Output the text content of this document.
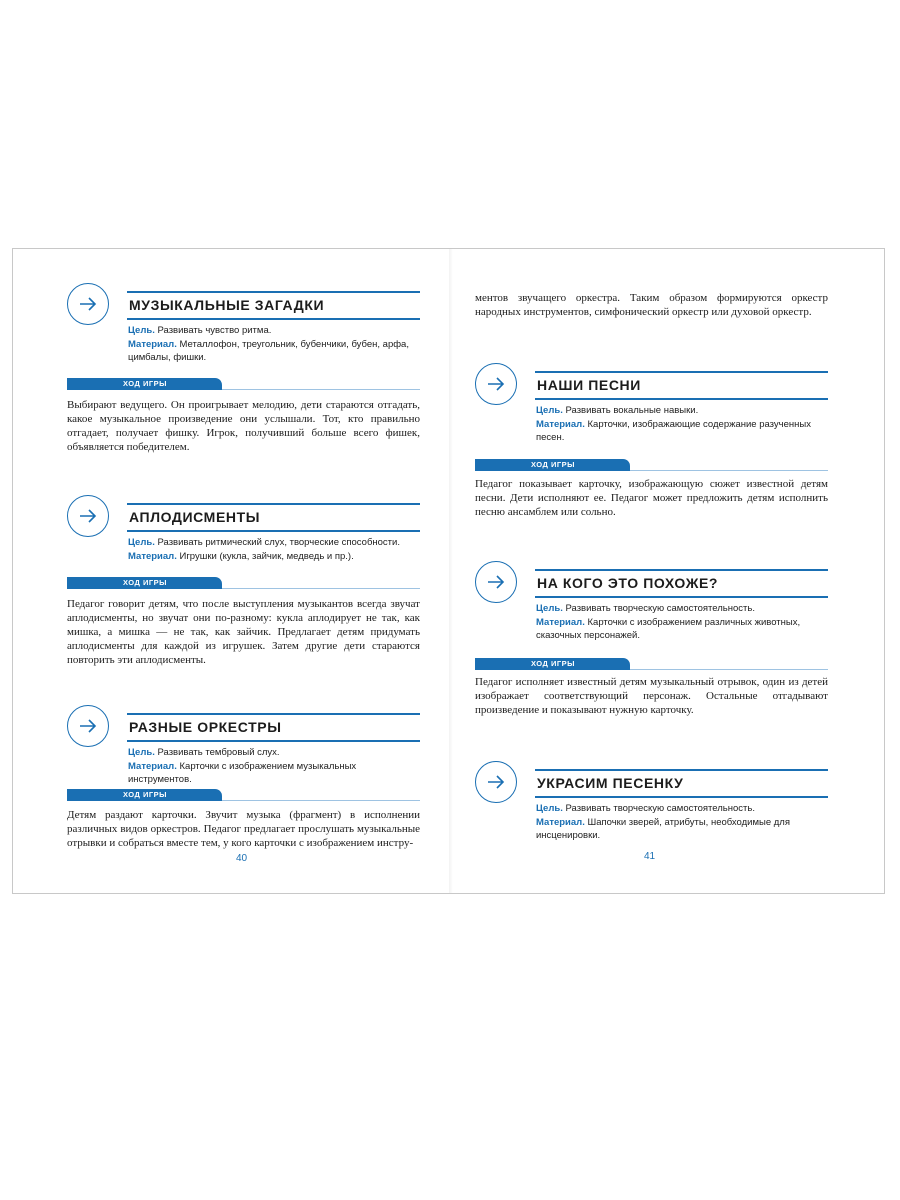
МУЗЫКАЛЬНЫЕ ЗАГАДКИ

Цель. Развивать чувство ритма.

Материал. Металлофон, треугольник, бубенчики, бубен, арфа, цимбалы, фишки.

ХОД ИГРЫ

Выбирают ведущего. Он проигрывает мелодию, дети стараются отгадать, какое музыкальное произведение они услышали. Тот, кто правильно отгадает, получает фишку. Игрок, получивший больше всего фишек, объявляется победителем.

АПЛОДИСМЕНТЫ

Цель. Развивать ритмический слух, творческие способности.

Материал. Игрушки (кукла, зайчик, медведь и пр.).

ХОД ИГРЫ

Педагог говорит детям, что после выступления музыкантов всегда звучат аплодисменты, но звучат они по-разному: кукла аплодирует не так, как мишка, а мишка — не так, как зайчик. Предлагает детям придумать аплодисменты для каждой из игрушек. Затем другие дети стараются повторить эти аплодисменты.

РАЗНЫЕ ОРКЕСТРЫ

Цель. Развивать тембровый слух.

Материал. Карточки с изображением музыкальных инструментов.

ХОД ИГРЫ

Детям раздают карточки. Звучит музыка (фрагмент) в исполнении различных видов оркестров. Педагог предлагает прослушать музыкальные отрывки и собраться вместе тем, у кого карточки с изображением инстру-

40

ментов звучащего оркестра. Таким образом формируются оркестр народных инструментов, симфонический оркестр или духовой оркестр.

НАШИ ПЕСНИ

Цель. Развивать вокальные навыки.

Материал. Карточки, изображающие содержание разученных песен.

ХОД ИГРЫ

Педагог показывает карточку, изображающую сюжет известной детям песни. Дети исполняют ее. Педагог может предложить детям исполнить песню ансамблем или сольно.

НА КОГО ЭТО ПОХОЖЕ?

Цель. Развивать творческую самостоятельность.

Материал. Карточки с изображением различных животных, сказочных персонажей.

ХОД ИГРЫ

Педагог исполняет известный детям музыкальный отрывок, один из детей изображает соответствующий персонаж. Остальные отгадывают произведение и показывают нужную карточку.

УКРАСИМ ПЕСЕНКУ

Цель. Развивать творческую самостоятельность.

Материал. Шапочки зверей, атрибуты, необходимые для инсценировки.

41
